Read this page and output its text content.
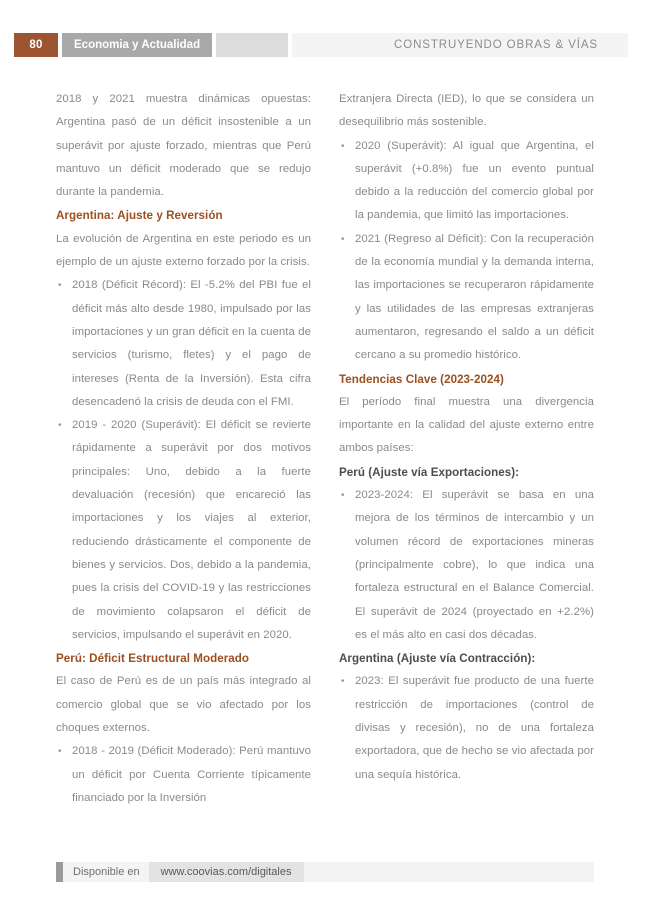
80	Economia y Actualidad	CONSTRUYENDO OBRAS & VÍAS

2018 y 2021 muestra dinámicas opuestas: Argentina pasó de un déficit insostenible a un superávit por ajuste forzado, mientras que Perú mantuvo un déficit moderado que se redujo durante la pandemia.

Argentina: Ajuste y Reversión

La evolución de Argentina en este periodo es un ejemplo de un ajuste externo forzado por la crisis.

• 2018 (Déficit Récord): El -5.2% del PBI fue el déficit más alto desde 1980, impulsado por las importaciones y un gran déficit en la cuenta de servicios (turismo, fletes) y el pago de intereses (Renta de la Inversión). Esta cifra desencadenó la crisis de deuda con el FMI.
• 2019 - 2020 (Superávit): El déficit se revierte rápidamente a superávit por dos motivos principales: Uno, debido a la fuerte devaluación (recesión) que encareció las importaciones y los viajes al exterior, reduciendo drásticamente el componente de bienes y servicios. Dos, debido a la pandemia, pues la crisis del COVID-19 y las restricciones de movimiento colapsaron el déficit de servicios, impulsando el superávit en 2020.
Perú: Déficit Estructural Moderado

El caso de Perú es de un país más integrado al comercio global que se vio afectado por los choques externos.

• 2018 - 2019 (Déficit Moderado): Perú mantuvo un déficit por Cuenta Corriente típicamente financiado por la Inversión

Extranjera Directa (IED), lo que se considera un desequilibrio más sostenible.

• 2020 (Superávit): Al igual que Argentina, el superávit (+0.8%) fue un evento puntual debido a la reducción del comercio global por la pandemia, que limitó las importaciones.
• 2021 (Regreso al Déficit): Con la recuperación de la economía mundial y la demanda interna, las importaciones se recuperaron rápidamente y las utilidades de las empresas extranjeras aumentaron, regresando el saldo a un déficit cercano a su promedio histórico.
Tendencias Clave (2023-2024)

El período final muestra una divergencia importante en la calidad del ajuste externo entre ambos países:

Perú (Ajuste vía Exportaciones):
• 2023-2024: El superávit se basa en una mejora de los términos de intercambio y un volumen récord de exportaciones mineras (principalmente cobre), lo que indica una fortaleza estructural en el Balance Comercial. El superávit de 2024 (proyectado en +2.2%) es el más alto en casi dos décadas.
Argentina (Ajuste vía Contracción):
• 2023: El superávit fue producto de una fuerte restricción de importaciones (control de divisas y recesión), no de una fortaleza exportadora, que de hecho se vio afectada por una sequía histórica.
Disponible en	www.coovias.com/digitales
